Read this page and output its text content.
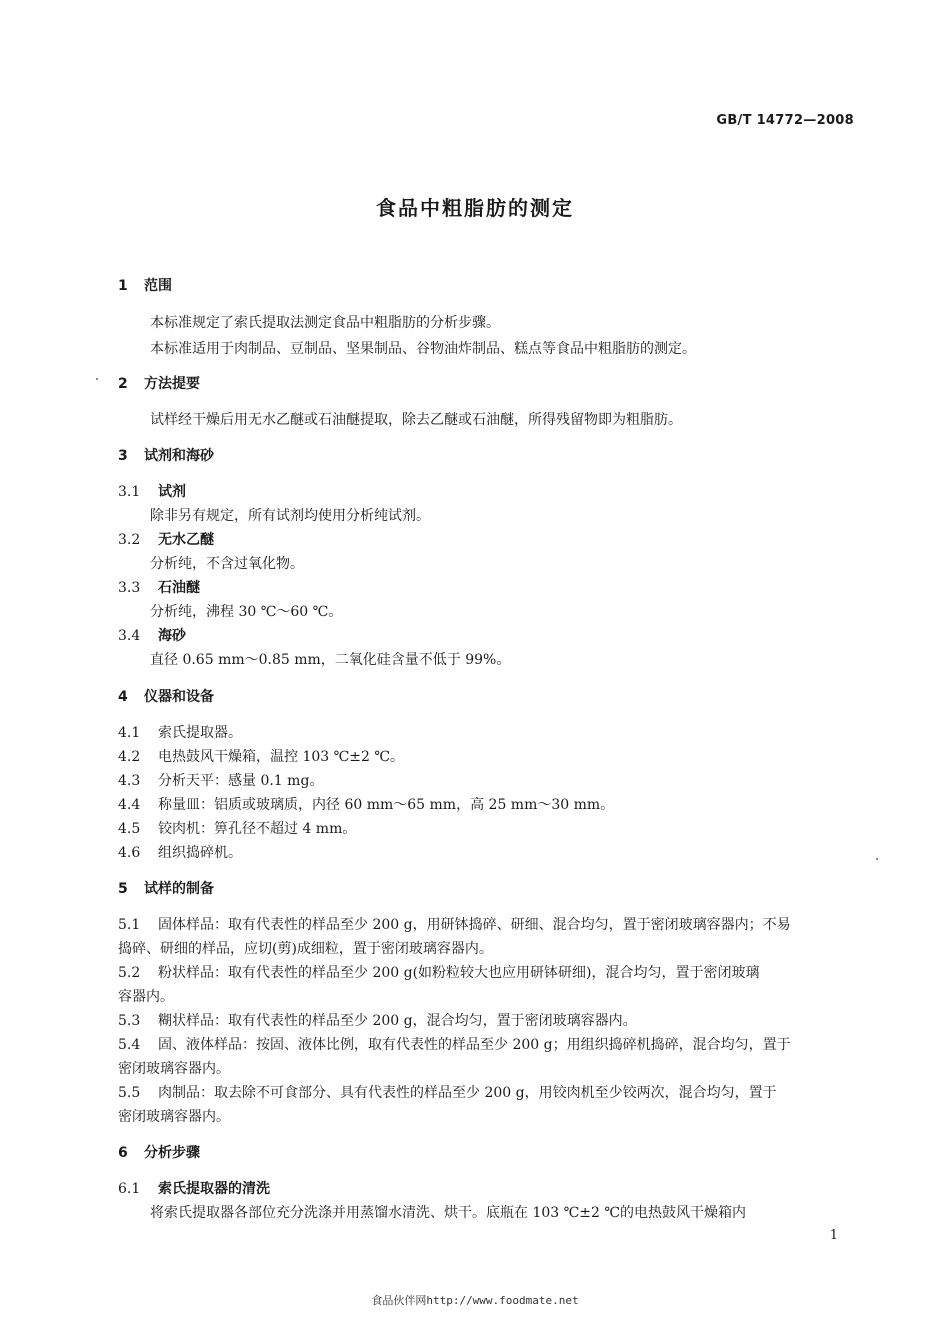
GB/T 14772—2008
食品中粗脂肪的测定
1 范围
本标准规定了索氏提取法测定食品中粗脂肪的分析步骤。
本标准适用于肉制品、豆制品、坚果制品、谷物油炸制品、糕点等食品中粗脂肪的测定。
2 方法提要
试样经干燥后用无水乙醚或石油醚提取，除去乙醚或石油醚，所得残留物即为粗脂肪。
3 试剂和海砂
3.1 试剂
除非另有规定，所有试剂均使用分析纯试剂。
3.2 无水乙醚
分析纯，不含过氧化物。
3.3 石油醚
分析纯，沸程 30 ℃～60 ℃。
3.4 海砂
直径 0.65 mm～0.85 mm，二氧化硅含量不低于 99%。
4 仪器和设备
4.1 索氏提取器。
4.2 电热鼓风干燥箱，温控 103 ℃±2 ℃。
4.3 分析天平：感量 0.1 mg。
4.4 称量皿：铝质或玻璃质，内径 60 mm～65 mm，高 25 mm～30 mm。
4.5 铰肉机：箅孔径不超过 4 mm。
4.6 组织捣碎机。
5 试样的制备
5.1 固体样品：取有代表性的样品至少 200 g，用研钵捣碎、研细、混合均匀，置于密闭玻璃容器内；不易
捣碎、研细的样品，应切(剪)成细粒，置于密闭玻璃容器内。
5.2 粉状样品：取有代表性的样品至少 200 g(如粉粒较大也应用研钵研细)，混合均匀，置于密闭玻璃
容器内。
5.3 糊状样品：取有代表性的样品至少 200 g，混合均匀，置于密闭玻璃容器内。
5.4 固、液体样品：按固、液体比例，取有代表性的样品至少 200 g；用组织捣碎机捣碎，混合均匀，置于
密闭玻璃容器内。
5.5 肉制品：取去除不可食部分、具有代表性的样品至少 200 g，用铰肉机至少铰两次，混合均匀，置于
密闭玻璃容器内。
6 分析步骤
6.1 索氏提取器的清洗
将索氏提取器各部位充分洗涤并用蒸馏水清洗、烘干。底瓶在 103 ℃±2 ℃的电热鼓风干燥箱内
1
食品伙伴网http://www.foodmate.net
